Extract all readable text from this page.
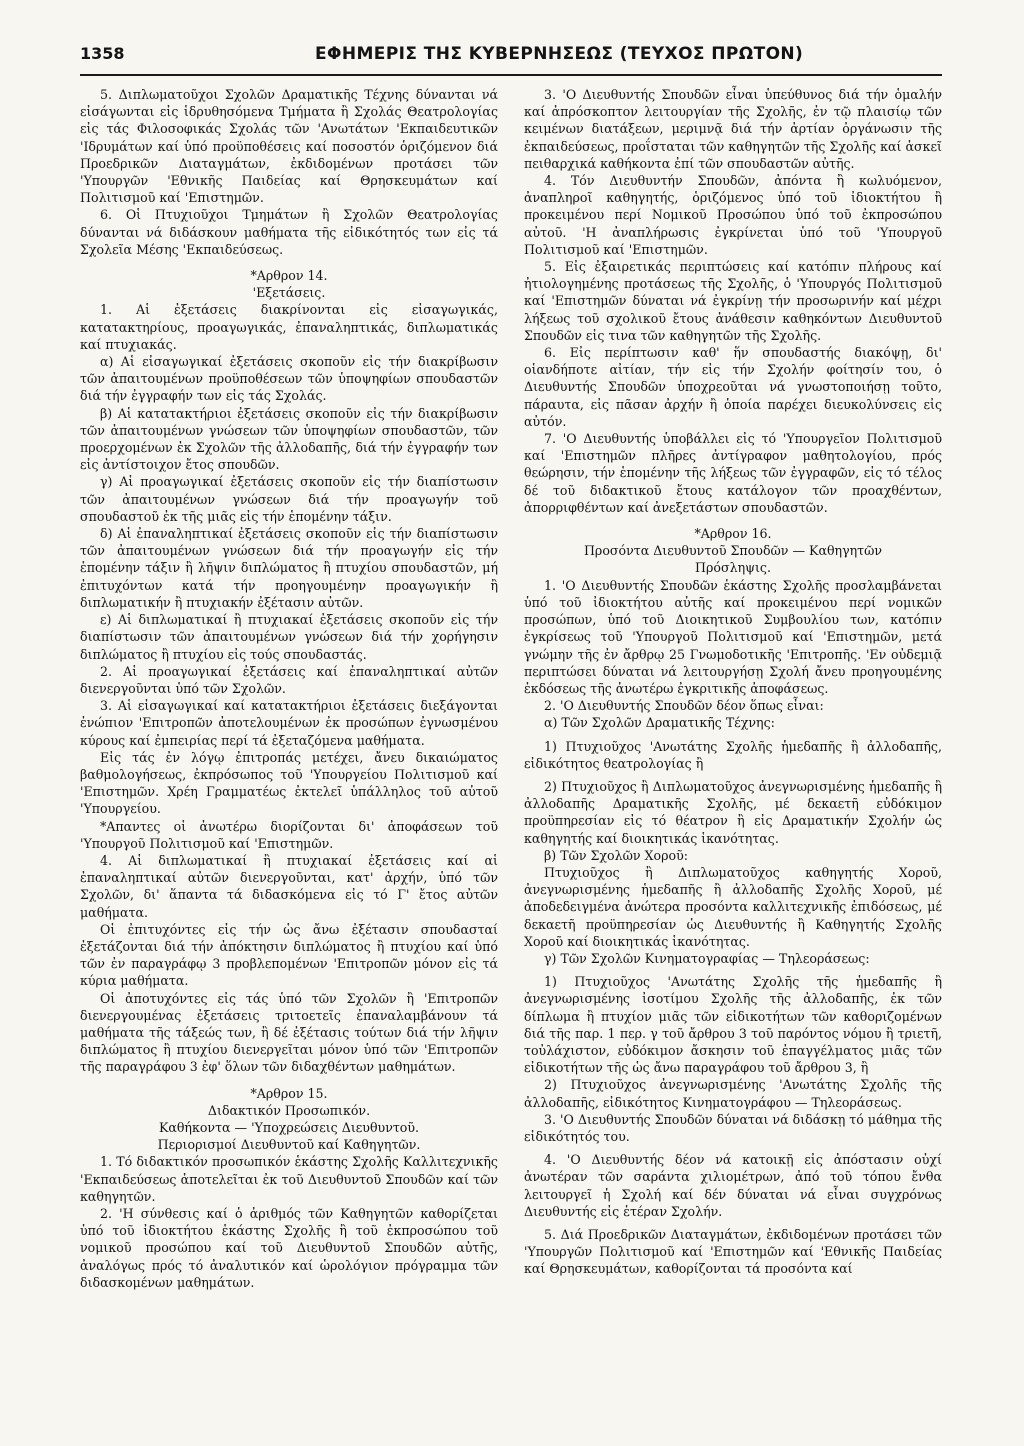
1358	ΕΦΗΜΕΡΙΣ ΤΗΣ ΚΥΒΕΡΝΗΣΕΩΣ (ΤΕΥΧΟΣ ΠΡΩΤΟΝ)

5. Διπλωματοῦχοι Σχολῶν Δραματικῆς Τέχνης δύνανται νά εἰσάγωνται εἰς ἱδρυθησόμενα Τμήματα ἢ Σχολάς Θεατρολογίας εἰς τάς Φιλοσοφικάς Σχολάς τῶν 'Ανωτάτων 'Εκπαιδευτικῶν 'Ιδρυμάτων καί ὑπό προϋποθέσεις καί ποσοστόν ὁριζόμενον διά Προεδρικῶν Διαταγμάτων, ἐκδιδομένων προτάσει τῶν 'Υπουργῶν 'Εθνικῆς Παιδείας καί Θρησκευμάτων καί Πολιτισμοῦ καί 'Επιστημῶν.

6. Οἱ Πτυχιοῦχοι Τμημάτων ἢ Σχολῶν Θεατρολογίας δύνανται νά διδάσκουν μαθήματα τῆς εἰδικότητός των εἰς τά Σχολεῖα Μέσης 'Εκπαιδεύσεως.

*Αρθρον 14.

'Εξετάσεις.

1. Αἱ ἐξετάσεις διακρίνονται εἰς εἰσαγωγικάς, κατατακτηρίους, προαγωγικάς, ἐπαναληπτικάς, διπλωματικάς καί πτυχιακάς.

α) Αἱ εἰσαγωγικαί ἐξετάσεις σκοποῦν εἰς τήν διακρίβωσιν τῶν ἀπαιτουμένων προϋποθέσεων τῶν ὑποψηφίων σπουδαστῶν διά τήν ἐγγραφήν των εἰς τάς Σχολάς.

β) Αἱ κατατακτήριοι ἐξετάσεις σκοποῦν εἰς τήν διακρίβωσιν τῶν ἀπαιτουμένων γνώσεων τῶν ὑποψηφίων σπουδαστῶν, τῶν προερχομένων ἐκ Σχολῶν τῆς ἀλλοδαπῆς, διά τήν ἐγγραφήν των εἰς ἀντίστοιχον ἔτος σπουδῶν.

γ) Αἱ προαγωγικαί ἐξετάσεις σκοποῦν εἰς τήν διαπίστωσιν τῶν ἀπαιτουμένων γνώσεων διά τήν προαγωγήν τοῦ σπουδαστοῦ ἐκ τῆς μιᾶς εἰς τήν ἑπομένην τάξιν.

δ) Αἱ ἐπαναληπτικαί ἐξετάσεις σκοποῦν εἰς τήν διαπίστωσιν τῶν ἀπαιτουμένων γνώσεων διά τήν προαγωγήν εἰς τήν ἑπομένην τάξιν ἢ λῆψιν διπλώματος ἢ πτυχίου σπουδαστῶν, μή ἐπιτυχόντων κατά τήν προηγουμένην προαγωγικήν ἢ διπλωματικήν ἢ πτυχιακήν ἐξέτασιν αὐτῶν.

ε) Αἱ διπλωματικαί ἢ πτυχιακαί ἐξετάσεις σκοποῦν εἰς τήν διαπίστωσιν τῶν ἀπαιτουμένων γνώσεων διά τήν χορήγησιν διπλώματος ἢ πτυχίου εἰς τούς σπουδαστάς.

2. Αἱ προαγωγικαί ἐξετάσεις καί ἐπαναληπτικαί αὐτῶν διενεργοῦνται ὑπό τῶν Σχολῶν.

3. Αἱ εἰσαγωγικαί καί κατατακτήριοι ἐξετάσεις διεξάγονται ἐνώπιον 'Επιτροπῶν ἀποτελουμένων ἐκ προσώπων ἐγνωσμένου κύρους καί ἐμπειρίας περί τά ἐξεταζόμενα μαθήματα.

Εἰς τάς ἐν λόγῳ ἐπιτροπάς μετέχει, ἄνευ δικαιώματος βαθμολογήσεως, ἐκπρόσωπος τοῦ 'Υπουργείου Πολιτισμοῦ καί 'Επιστημῶν. Χρέη Γραμματέως ἐκτελεῖ ὑπάλληλος τοῦ αὐτοῦ 'Υπουργείου.

*Απαντες οἱ ἀνωτέρω διορίζονται δι' ἀποφάσεων τοῦ 'Υπουργοῦ Πολιτισμοῦ καί 'Επιστημῶν.

4. Αἱ διπλωματικαί ἢ πτυχιακαί ἐξετάσεις καί αἱ ἐπαναληπτικαί αὐτῶν διενεργοῦνται, κατ' ἀρχήν, ὑπό τῶν Σχολῶν, δι' ἅπαντα τά διδασκόμενα εἰς τό Γ' ἔτος αὐτῶν μαθήματα.

Οἱ ἐπιτυχόντες εἰς τήν ὡς ἄνω ἐξέτασιν σπουδασταί ἐξετάζονται διά τήν ἀπόκτησιν διπλώματος ἢ πτυχίου καί ὑπό τῶν ἐν παραγράφῳ 3 προβλεπομένων 'Επιτροπῶν μόνον εἰς τά κύρια μαθήματα.

Οἱ ἀποτυχόντες εἰς τάς ὑπό τῶν Σχολῶν ἢ 'Επιτροπῶν διενεργουμένας ἐξετάσεις τριτοετεῖς ἐπαναλαμβάνουν τά μαθήματα τῆς τάξεώς των, ἢ δέ ἐξέτασις τούτων διά τήν λῆψιν διπλώματος ἢ πτυχίου διενεργεῖται μόνον ὑπό τῶν 'Επιτροπῶν τῆς παραγράφου 3 ἐφ' ὅλων τῶν διδαχθέντων μαθημάτων.

*Αρθρον 15.

Διδακτικόν Προσωπικόν.

Καθήκοντα — 'Υποχρεώσεις Διευθυντοῦ.

Περιορισμοί Διευθυντοῦ καί Καθηγητῶν.

1. Τό διδακτικόν προσωπικόν ἑκάστης Σχολῆς Καλλιτεχνικῆς 'Εκπαιδεύσεως ἀποτελεῖται ἐκ τοῦ Διευθυντοῦ Σπουδῶν καί τῶν καθηγητῶν.

2. 'Η σύνθεσις καί ὁ ἀριθμός τῶν Καθηγητῶν καθορίζεται ὑπό τοῦ ἰδιοκτήτου ἑκάστης Σχολῆς ἢ τοῦ ἐκπροσώπου τοῦ νομικοῦ προσώπου καί τοῦ Διευθυντοῦ Σπουδῶν αὐτῆς, ἀναλόγως πρός τό ἀναλυτικόν καί ὡρολόγιον πρόγραμμα τῶν διδασκομένων μαθημάτων.

3. 'Ο Διευθυντής Σπουδῶν εἶναι ὑπεύθυνος διά τήν ὁμαλήν καί ἀπρόσκοπτον λειτουργίαν τῆς Σχολῆς, ἐν τῷ πλαισίῳ τῶν κειμένων διατάξεων, μεριμνᾷ διά τήν ἀρτίαν ὀργάνωσιν τῆς ἐκπαιδεύσεως, προΐσταται τῶν καθηγητῶν τῆς Σχολῆς καί ἀσκεῖ πειθαρχικά καθήκοντα ἐπί τῶν σπουδαστῶν αὐτῆς.

4. Τόν Διευθυντήν Σπουδῶν, ἀπόντα ἢ κωλυόμενον, ἀναπληροῖ καθηγητής, ὁριζόμενος ὑπό τοῦ ἰδιοκτήτου ἢ προκειμένου περί Νομικοῦ Προσώπου ὑπό τοῦ ἐκπροσώπου αὐτοῦ. 'Η ἀναπλήρωσις ἐγκρίνεται ὑπό τοῦ 'Υπουργοῦ Πολιτισμοῦ καί 'Επιστημῶν.

5. Εἰς ἐξαιρετικάς περιπτώσεις καί κατόπιν πλήρους καί ἠτιολογημένης προτάσεως τῆς Σχολῆς, ὁ 'Υπουργός Πολιτισμοῦ καί 'Επιστημῶν δύναται νά ἐγκρίνῃ τήν προσωρινήν καί μέχρι λήξεως τοῦ σχολικοῦ ἔτους ἀνάθεσιν καθηκόντων Διευθυντοῦ Σπουδῶν εἰς τινα τῶν καθηγητῶν τῆς Σχολῆς.

6. Εἰς περίπτωσιν καθ' ἥν σπουδαστής διακόψῃ, δι' οἱανδήποτε αἰτίαν, τήν εἰς τήν Σχολήν φοίτησίν του, ὁ Διευθυντής Σπουδῶν ὑποχρεοῦται νά γνωστοποιήσῃ τοῦτο, πάραυτα, εἰς πᾶσαν ἀρχήν ἢ ὁποία παρέχει διευκολύνσεις εἰς αὐτόν.

7. 'Ο Διευθυντής ὑποβάλλει εἰς τό 'Υπουργεῖον Πολιτισμοῦ καί 'Επιστημῶν πλῆρες ἀντίγραφον μαθητολογίου, πρός θεώρησιν, τήν ἑπομένην τῆς λήξεως τῶν ἐγγραφῶν, εἰς τό τέλος δέ τοῦ διδακτικοῦ ἔτους κατάλογον τῶν προαχθέντων, ἀπορριφθέντων καί ἀνεξετάστων σπουδαστῶν.

*Αρθρον 16.

Προσόντα Διευθυντοῦ Σπουδῶν — Καθηγητῶν

Πρόσληψις.

1. 'Ο Διευθυντής Σπουδῶν ἑκάστης Σχολῆς προσλαμβάνεται ὑπό τοῦ ἰδιοκτήτου αὐτῆς καί προκειμένου περί νομικῶν προσώπων, ὑπό τοῦ Διοικητικοῦ Συμβουλίου των, κατόπιν ἐγκρίσεως τοῦ 'Υπουργοῦ Πολιτισμοῦ καί 'Επιστημῶν, μετά γνώμην τῆς ἐν ἄρθρῳ 25 Γνωμοδοτικῆς 'Επιτροπῆς. 'Εν οὐδεμιᾷ περιπτώσει δύναται νά λειτουργήσῃ Σχολή ἄνευ προηγουμένης ἐκδόσεως τῆς ἀνωτέρω ἐγκριτικῆς ἀποφάσεως.

2. 'Ο Διευθυντής Σπουδῶν δέον ὅπως εἶναι:

α) Τῶν Σχολῶν Δραματικῆς Τέχνης:

1) Πτυχιοῦχος 'Ανωτάτης Σχολῆς ἡμεδαπῆς ἢ ἀλλοδαπῆς, εἰδικότητος θεατρολογίας ἢ

2) Πτυχιοῦχος ἢ Διπλωματοῦχος ἀνεγνωρισμένης ἡμεδαπῆς ἢ ἀλλοδαπῆς Δραματικῆς Σχολῆς, μέ δεκαετῆ εὐδόκιμον προϋπηρεσίαν εἰς τό θέατρον ἢ εἰς Δραματικήν Σχολήν ὡς καθηγητής καί διοικητικάς ἱκανότητας.

β) Τῶν Σχολῶν Χοροῦ:

Πτυχιοῦχος ἢ Διπλωματοῦχος καθηγητής Χοροῦ, ἀνεγνωρισμένης ἡμεδαπῆς ἢ ἀλλοδαπῆς Σχολῆς Χοροῦ, μέ ἀποδεδειγμένα ἀνώτερα προσόντα καλλιτεχνικῆς ἐπιδόσεως, μέ δεκαετῆ προϋπηρεσίαν ὡς Διευθυντής ἢ Καθηγητής Σχολῆς Χοροῦ καί διοικητικάς ἱκανότητας.

γ) Τῶν Σχολῶν Κινηματογραφίας — Τηλεοράσεως:

1) Πτυχιοῦχος 'Ανωτάτης Σχολῆς τῆς ἡμεδαπῆς ἢ ἀνεγνωρισμένης ἰσοτίμου Σχολῆς τῆς ἀλλοδαπῆς, ἐκ τῶν δίπλωμα ἢ πτυχίον μιᾶς τῶν εἰδικοτήτων τῶν καθοριζομένων διά τῆς παρ. 1 περ. γ τοῦ ἄρθρου 3 τοῦ παρόντος νόμου ἢ τριετῆ, τοὐλάχιστον, εὐδόκιμον ἄσκησιν τοῦ ἐπαγγέλματος μιᾶς τῶν εἰδικοτήτων τῆς ὡς ἄνω παραγράφου τοῦ ἄρθρου 3, ἢ

2) Πτυχιοῦχος ἀνεγνωρισμένης 'Ανωτάτης Σχολῆς τῆς ἀλλοδαπῆς, εἰδικότητος Κινηματογράφου — Τηλεοράσεως.

3. 'Ο Διευθυντής Σπουδῶν δύναται νά διδάσκῃ τό μάθημα τῆς εἰδικότητός του.

4. 'Ο Διευθυντής δέον νά κατοικῇ εἰς ἀπόστασιν οὐχί ἀνωτέραν τῶν σαράντα χιλιομέτρων, ἀπό τοῦ τόπου ἔνθα λειτουργεῖ ἡ Σχολή καί δέν δύναται νά εἶναι συγχρόνως Διευθυντής εἰς ἑτέραν Σχολήν.

5. Διά Προεδρικῶν Διαταγμάτων, ἐκδιδομένων προτάσει τῶν 'Υπουργῶν Πολιτισμοῦ καί 'Επιστημῶν καί 'Εθνικῆς Παιδείας καί Θρησκευμάτων, καθορίζονται τά προσόντα καί
